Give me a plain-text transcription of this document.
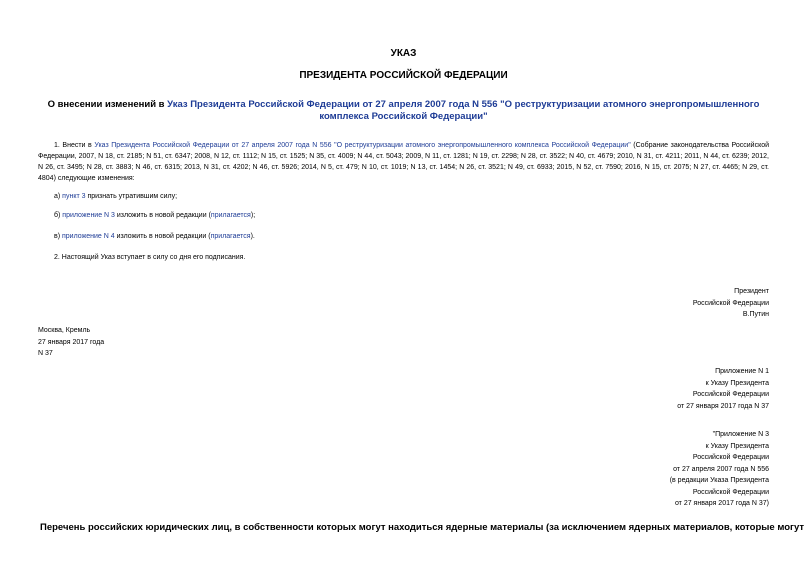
УКАЗ
ПРЕЗИДЕНТА РОССИЙСКОЙ ФЕДЕРАЦИИ
О внесении изменений в Указ Президента Российской Федерации от 27 апреля 2007 года N 556 "О реструктуризации атомного энергопромышленного комплекса Российской Федерации"
1. Внести в Указ Президента Российской Федерации от 27 апреля 2007 года N 556 "О реструктуризации атомного энергопромышленного комплекса Российской Федерации" (Собрание законодательства Российской Федерации, 2007, N 18, ст. 2185; N 51, ст. 6347; 2008, N 12, ст. 1112; N 15, ст. 1525; N 35, ст. 4009; N 44, ст. 5043; 2009, N 11, ст. 1281; N 19, ст. 2298; N 28, ст. 3522; N 40, ст. 4679; 2010, N 31, ст. 4211; 2011, N 44, ст. 6239; 2012, N 26, ст. 3495; N 28, ст. 3883; N 46, ст. 6315; 2013, N 31, ст. 4202; N 46, ст. 5926; 2014, N 5, ст. 479; N 10, ст. 1019; N 13, ст. 1454; N 26, ст. 3521; N 49, ст. 6933; 2015, N 52, ст. 7590; 2016, N 15, ст. 2075; N 27, ст. 4465; N 29, ст. 4804) следующие изменения:
а) пункт 3 признать утратившим силу;
б) приложение N 3 изложить в новой редакции (прилагается);
в) приложение N 4 изложить в новой редакции (прилагается).
2. Настоящий Указ вступает в силу со дня его подписания.
Президент
Российской Федерации
В.Путин
Москва, Кремль
27 января 2017 года
N 37
Приложение N 1
к Указу Президента
Российской Федерации
от 27 января 2017 года N 37
"Приложение N 3
к Указу Президента
Российской Федерации
от 27 апреля 2007 года N 556
(в редакции Указа Президента
Российской Федерации
от 27 января 2017 года N 37)
Перечень российских юридических лиц, в собственности которых могут находиться ядерные материалы (за исключением ядерных материалов, которые могут
